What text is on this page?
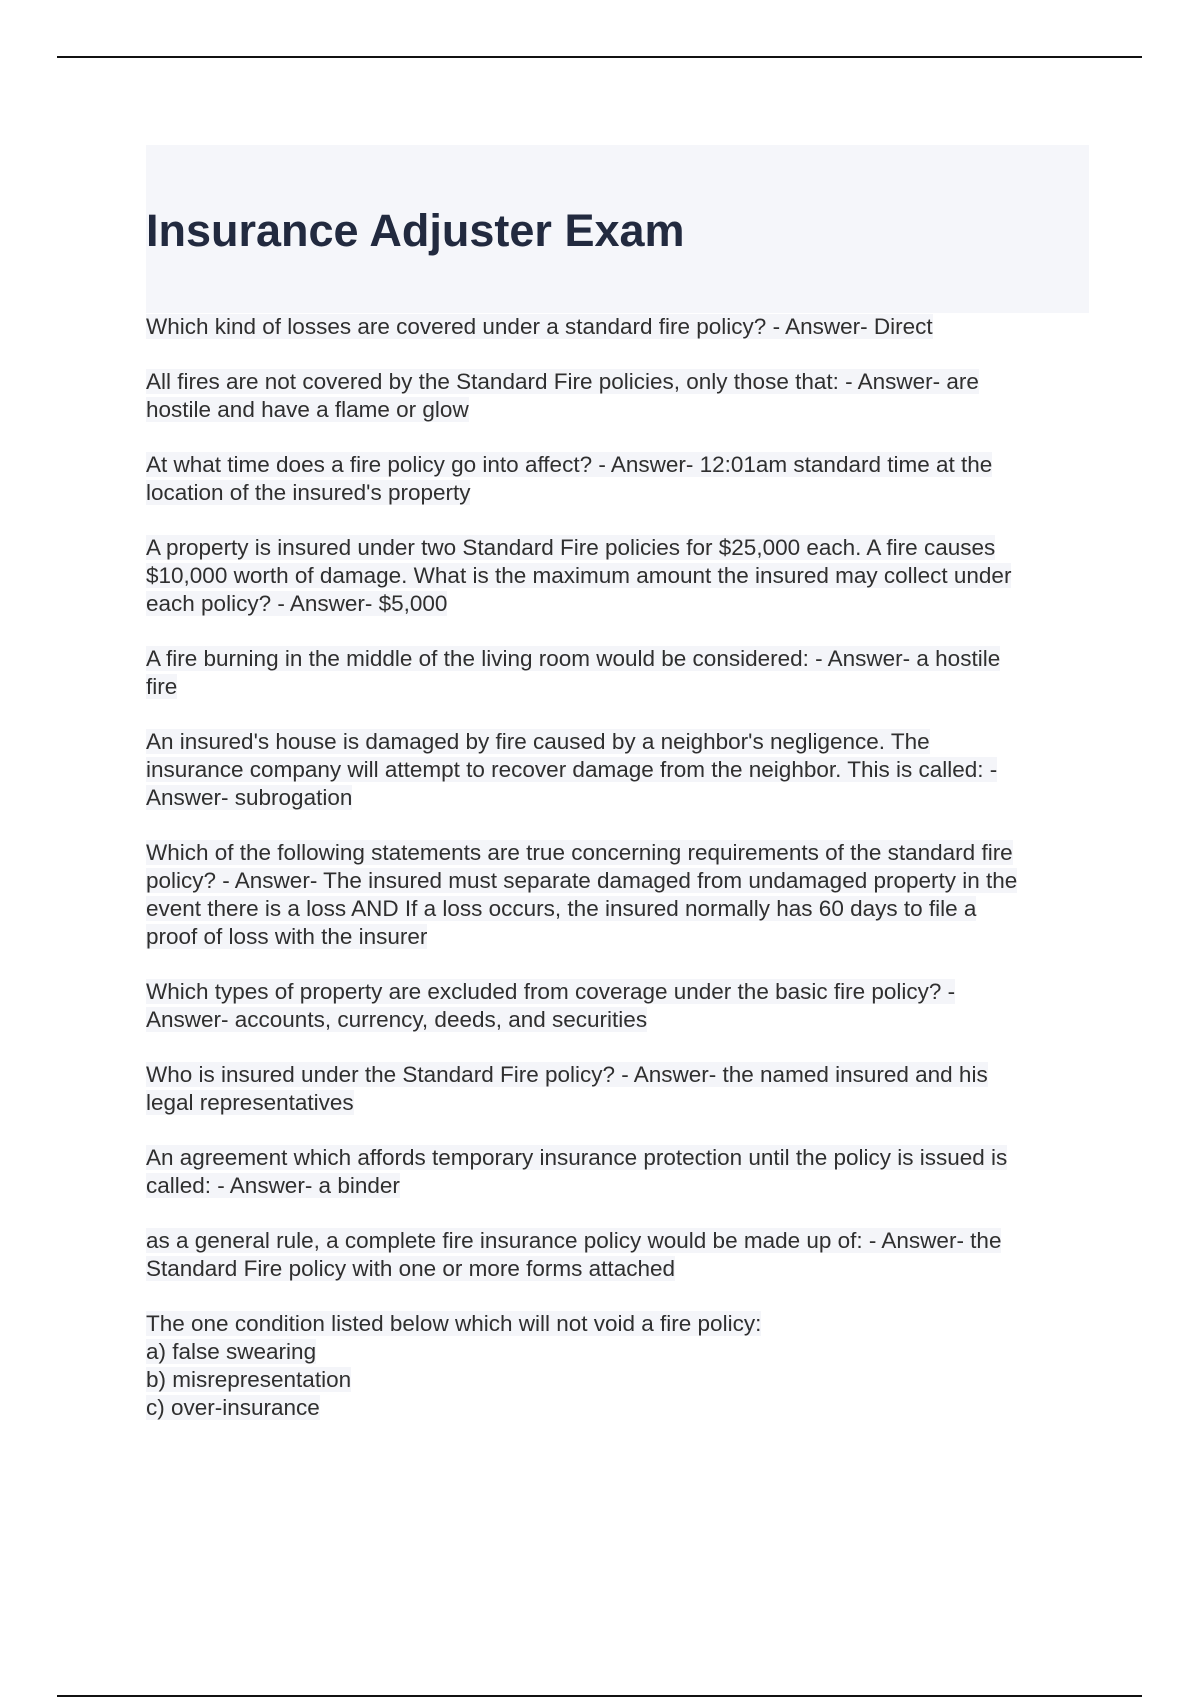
Insurance Adjuster Exam

Which kind of losses are covered under a standard fire policy? - Answer- Direct

All fires are not covered by the Standard Fire policies, only those that: - Answer- are
hostile and have a flame or glow

At what time does a fire policy go into affect? - Answer- 12:01am standard time at the
location of the insured's property

A property is insured under two Standard Fire policies for $25,000 each. A fire causes
$10,000 worth of damage. What is the maximum amount the insured may collect under
each policy? - Answer- $5,000

A fire burning in the middle of the living room would be considered: - Answer- a hostile
fire

An insured's house is damaged by fire caused by a neighbor's negligence. The
insurance company will attempt to recover damage from the neighbor. This is called: -
Answer- subrogation

Which of the following statements are true concerning requirements of the standard fire
policy? - Answer- The insured must separate damaged from undamaged property in the
event there is a loss AND If a loss occurs, the insured normally has 60 days to file a
proof of loss with the insurer

Which types of property are excluded from coverage under the basic fire policy? -
Answer- accounts, currency, deeds, and securities

Who is insured under the Standard Fire policy? - Answer- the named insured and his
legal representatives

An agreement which affords temporary insurance protection until the policy is issued is
called: - Answer- a binder

as a general rule, a complete fire insurance policy would be made up of: - Answer- the
Standard Fire policy with one or more forms attached

The one condition listed below which will not void a fire policy:
a) false swearing
b) misrepresentation
c) over-insurance
